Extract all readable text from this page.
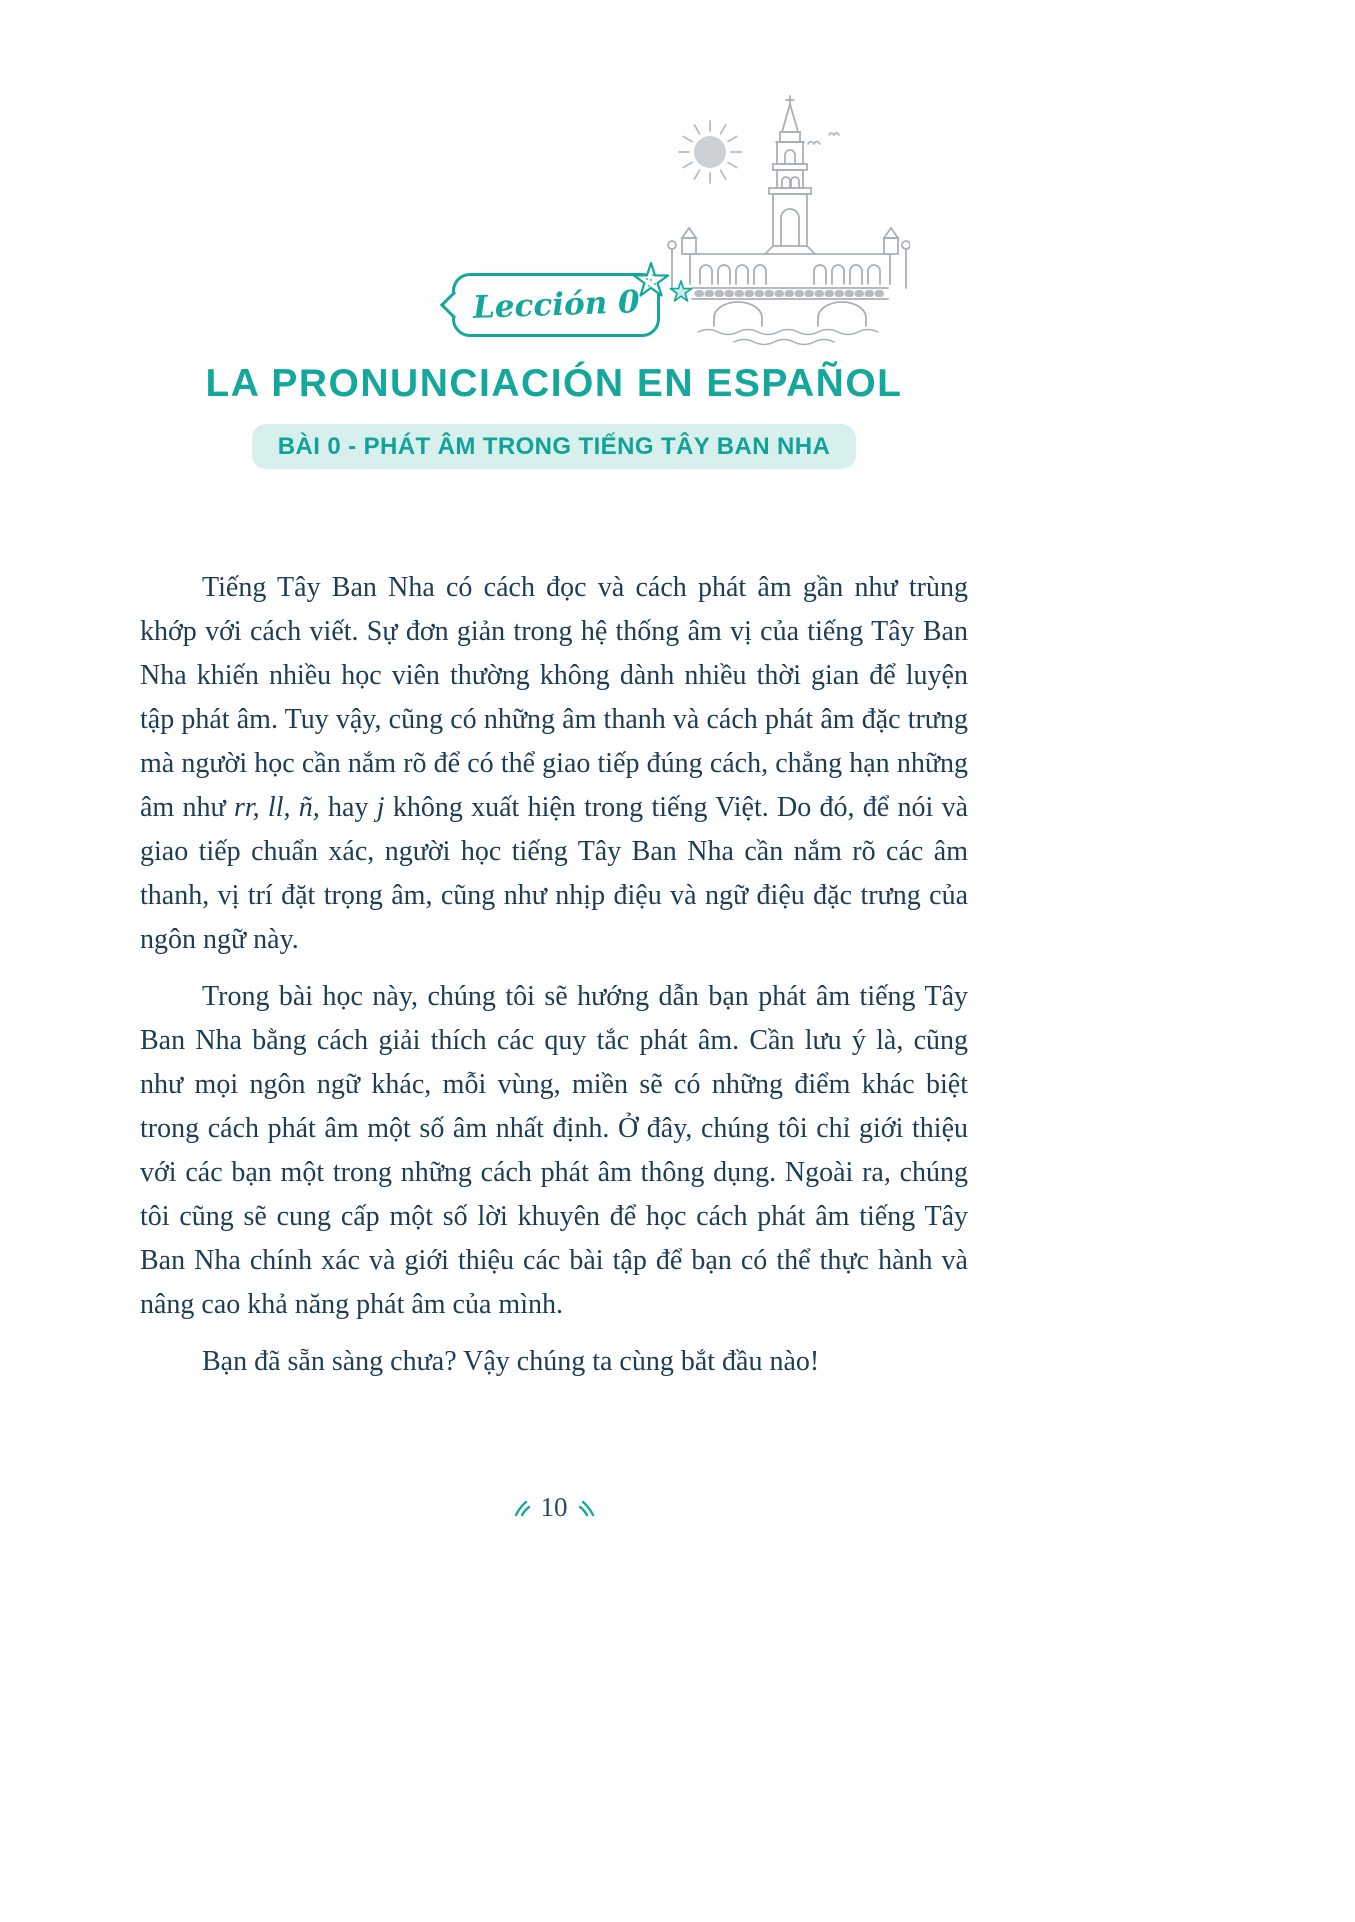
Lección 0
LA PRONUNCIACIÓN EN ESPAÑOL
BÀI 0 - PHÁT ÂM TRONG TIẾNG TÂY BAN NHA

Tiếng Tây Ban Nha có cách đọc và cách phát âm gần như trùng khớp với cách viết. Sự đơn giản trong hệ thống âm vị của tiếng Tây Ban Nha khiến nhiều học viên thường không dành nhiều thời gian để luyện tập phát âm. Tuy vậy, cũng có những âm thanh và cách phát âm đặc trưng mà người học cần nắm rõ để có thể giao tiếp đúng cách, chẳng hạn những âm như rr, ll, ñ, hay j không xuất hiện trong tiếng Việt. Do đó, để nói và giao tiếp chuẩn xác, người học tiếng Tây Ban Nha cần nắm rõ các âm thanh, vị trí đặt trọng âm, cũng như nhịp điệu và ngữ điệu đặc trưng của ngôn ngữ này.

Trong bài học này, chúng tôi sẽ hướng dẫn bạn phát âm tiếng Tây Ban Nha bằng cách giải thích các quy tắc phát âm. Cần lưu ý là, cũng như mọi ngôn ngữ khác, mỗi vùng, miền sẽ có những điểm khác biệt trong cách phát âm một số âm nhất định. Ở đây, chúng tôi chỉ giới thiệu với các bạn một trong những cách phát âm thông dụng. Ngoài ra, chúng tôi cũng sẽ cung cấp một số lời khuyên để học cách phát âm tiếng Tây Ban Nha chính xác và giới thiệu các bài tập để bạn có thể thực hành và nâng cao khả năng phát âm của mình.

Bạn đã sẵn sàng chưa? Vậy chúng ta cùng bắt đầu nào!

10
